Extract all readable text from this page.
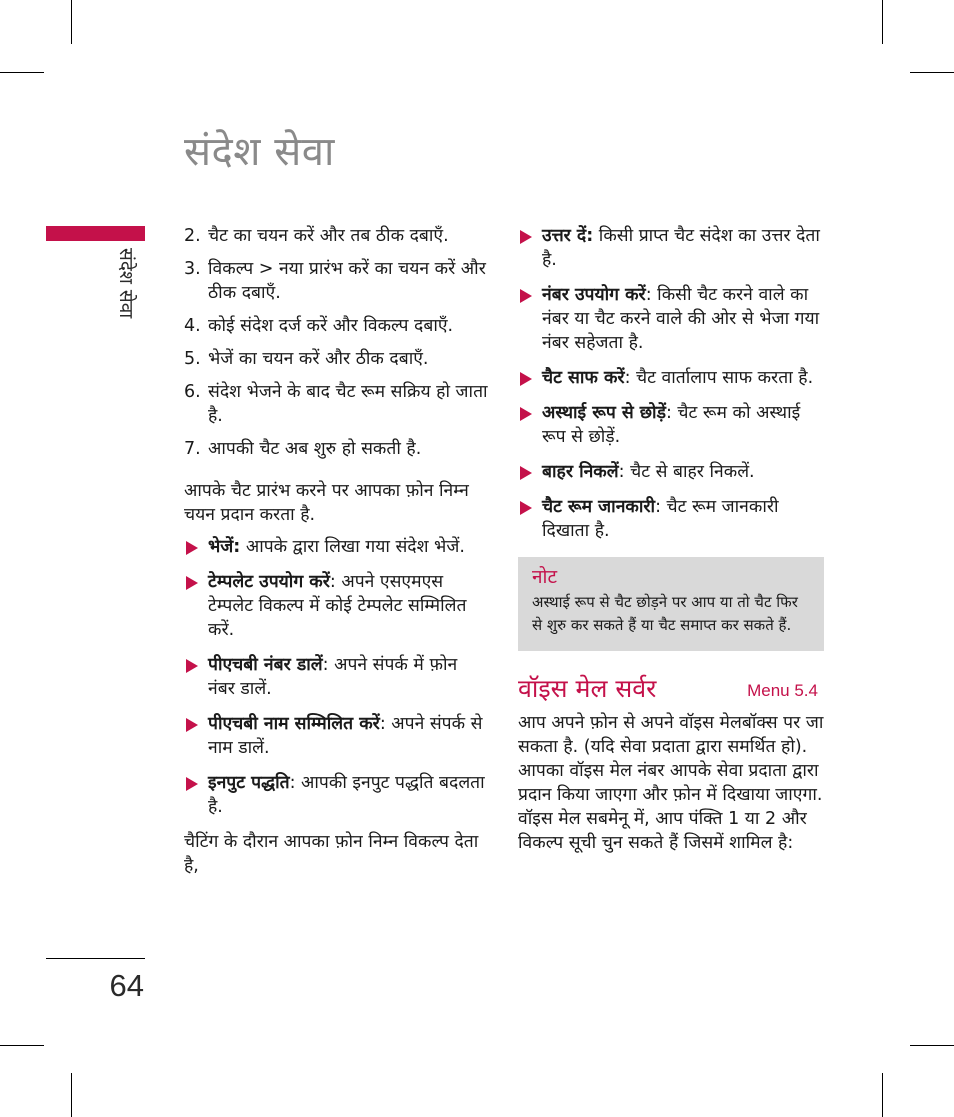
संदेश सेवा
संदेश सेवा
64
2. चैट का चयन करें और तब ठीक दबाएँ.
3. विकल्प > नया प्रारंभ करें का चयन करें और ठीक दबाएँ.
4. कोई संदेश दर्ज करें और विकल्प दबाएँ.
5. भेजें का चयन करें और ठीक दबाएँ.
6. संदेश भेजने के बाद चैट रूम सक्रिय हो जाता है.
7. आपकी चैट अब शुरु हो सकती है.

आपके चैट प्रारंभ करने पर आपका फ़ोन निम्न चयन प्रदान करता है.

भेजें: आपके द्वारा लिखा गया संदेश भेजें.
टेम्पलेट उपयोग करें: अपने एसएमएस टेम्पलेट विकल्प में कोई टेम्पलेट सम्मिलित करें.
पीएचबी नंबर डालें: अपने संपर्क में फ़ोन नंबर डालें.
पीएचबी नाम सम्मिलित करें: अपने संपर्क से नाम डालें.
इनपुट पद्धति: आपकी इनपुट पद्धति बदलता है.

चैटिंग के दौरान आपका फ़ोन निम्न विकल्प देता है,

उत्तर दें: किसी प्राप्त चैट संदेश का उत्तर देता है.
नंबर उपयोग करें: किसी चैट करने वाले का नंबर या चैट करने वाले की ओर से भेजा गया नंबर सहेजता है.
चैट साफ करें: चैट वार्तालाप साफ करता है.
अस्थाई रूप से छोड़ें: चैट रूम को अस्थाई रूप से छोड़ें.
बाहर निकलें: चैट से बाहर निकलें.
चैट रूम जानकारी: चैट रूम जानकारी दिखाता है.

नोट

अस्थाई रूप से चैट छोड़ने पर आप या तो चैट फिर से शुरु कर सकते हैं या चैट समाप्त कर सकते हैं.

वॉइस मेल सर्वर	Menu 5.4

आप अपने फ़ोन से अपने वॉइस मेलबॉक्स पर जा सकता है. (यदि सेवा प्रदाता द्वारा समर्थित हो). आपका वॉइस मेल नंबर आपके सेवा प्रदाता द्वारा प्रदान किया जाएगा और फ़ोन में दिखाया जाएगा. वॉइस मेल सबमेनू में, आप पंक्ति 1 या 2 और विकल्प सूची चुन सकते हैं जिसमें शामिल है:
